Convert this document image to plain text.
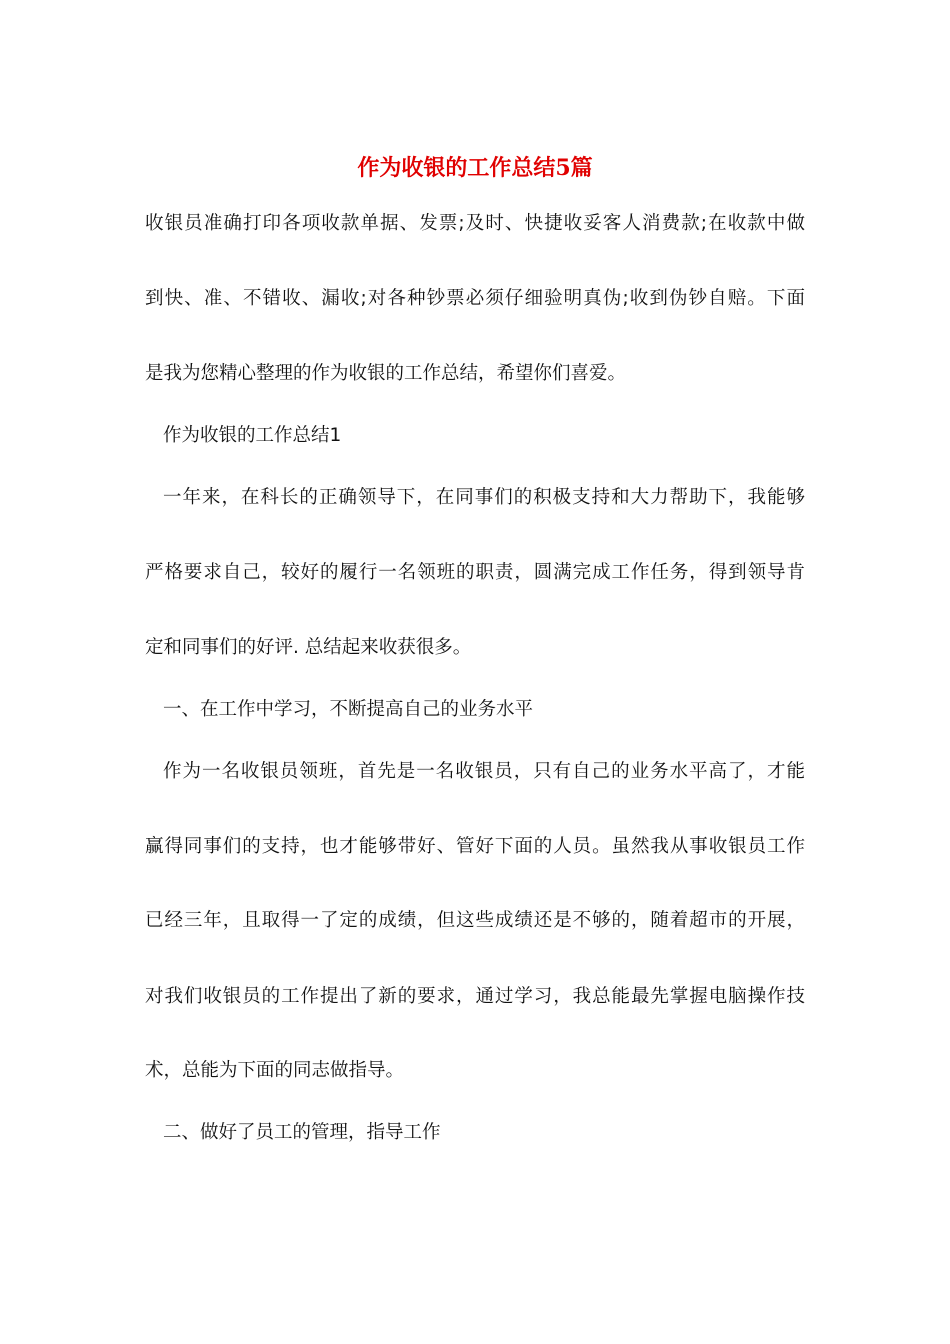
作为收银的工作总结5篇
收银员准确打印各项收款单据、发票;及时、快捷收妥客人消费款;在收款中做
到快、准、不错收、漏收;对各种钞票必须仔细验明真伪;收到伪钞自赔。下面
是我为您精心整理的作为收银的工作总结，希望你们喜爱。
作为收银的工作总结1
一年来，在科长的正确领导下，在同事们的积极支持和大力帮助下，我能够
严格要求自己，较好的履行一名领班的职责，圆满完成工作任务，得到领导肯
定和同事们的好评. 总结起来收获很多。
一、在工作中学习，不断提高自己的业务水平
作为一名收银员领班，首先是一名收银员，只有自己的业务水平高了，才能
赢得同事们的支持，也才能够带好、管好下面的人员。虽然我从事收银员工作
已经三年，且取得一了定的成绩，但这些成绩还是不够的，随着超市的开展，
对我们收银员的工作提出了新的要求，通过学习，我总能最先掌握电脑操作技
术，总能为下面的同志做指导。
二、做好了员工的管理，指导工作
